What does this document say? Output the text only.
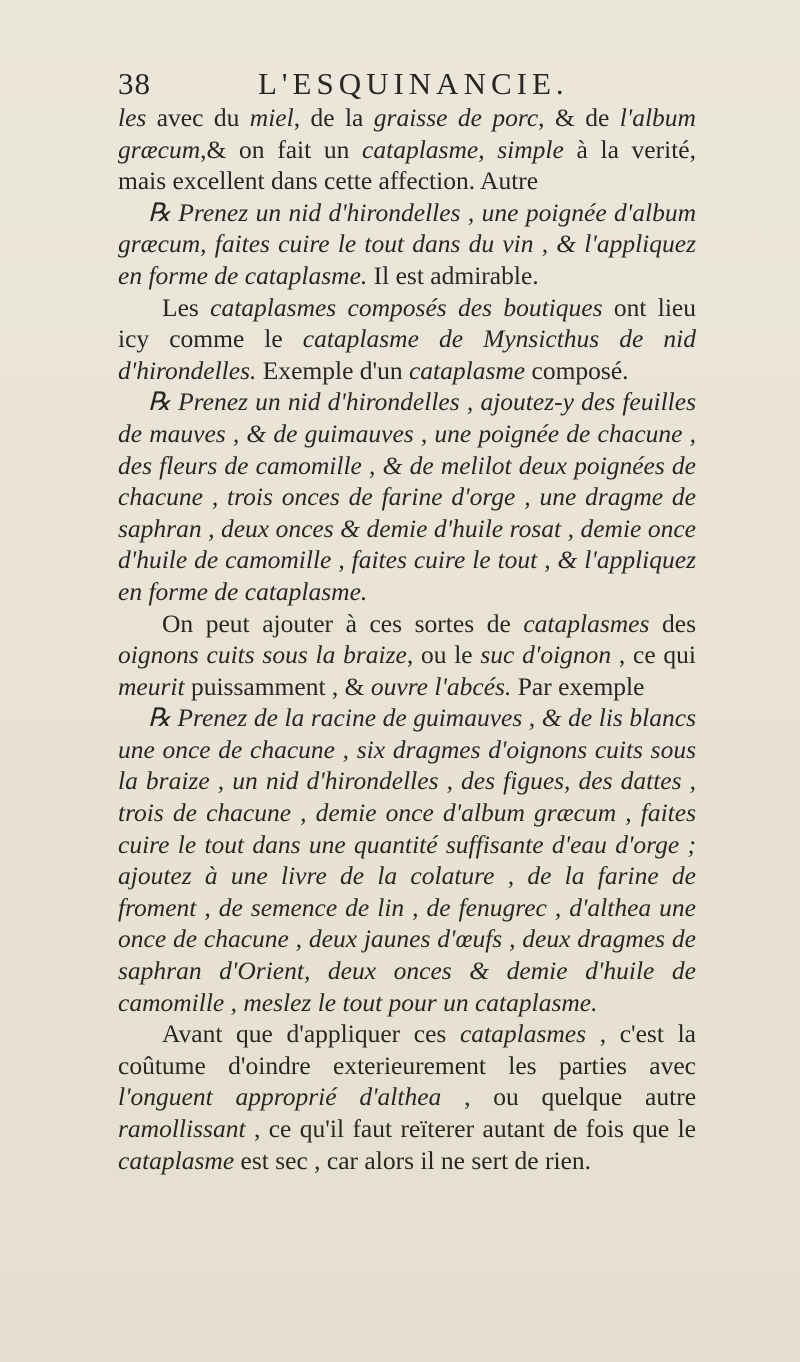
38	L'ESQUINANCIE.

les avec du miel, de la graisse de porc, & de l'album græcum,& on fait un cataplasme, simple à la verité, mais excellent dans cette affection. Autre

℞ Prenez un nid d'hirondelles , une poignée d'album græcum, faites cuire le tout dans du vin , & l'appliquez en forme de cataplasme. Il est admirable.

Les cataplasmes composés des boutiques ont lieu icy comme le cataplasme de Mynsicthus de nid d'hirondelles. Exemple d'un cataplasme composé.

℞ Prenez un nid d'hirondelles , ajoutez-y des feuilles de mauves , & de guimauves , une poignée de chacune , des fleurs de camomille , & de melilot deux poignées de chacune , trois onces de farine d'orge , une dragme de saphran , deux onces & demie d'huile rosat , demie once d'huile de camomille , faites cuire le tout , & l'appliquez en forme de cataplasme.

On peut ajouter à ces sortes de cataplasmes des oignons cuits sous la braize, ou le suc d'oignon , ce qui meurit puissamment , & ouvre l'abcés. Par exemple

℞ Prenez de la racine de guimauves , & de lis blancs une once de chacune , six dragmes d'oignons cuits sous la braize , un nid d'hirondelles , des figues, des dattes , trois de chacune , demie once d'album græcum , faites cuire le tout dans une quantité suffisante d'eau d'orge ; ajoutez à une livre de la colature , de la farine de froment , de semence de lin , de fenugrec , d'althea une once de chacune , deux jaunes d'œufs , deux dragmes de saphran d'Orient, deux onces & demie d'huile de camomille , meslez le tout pour un cataplasme.

Avant que d'appliquer ces cataplasmes , c'est la coûtume d'oindre exterieurement les parties avec l'onguent approprié d'althea , ou quelque autre ramollissant , ce qu'il faut reïterer autant de fois que le cataplasme est sec , car alors il ne sert de rien.
